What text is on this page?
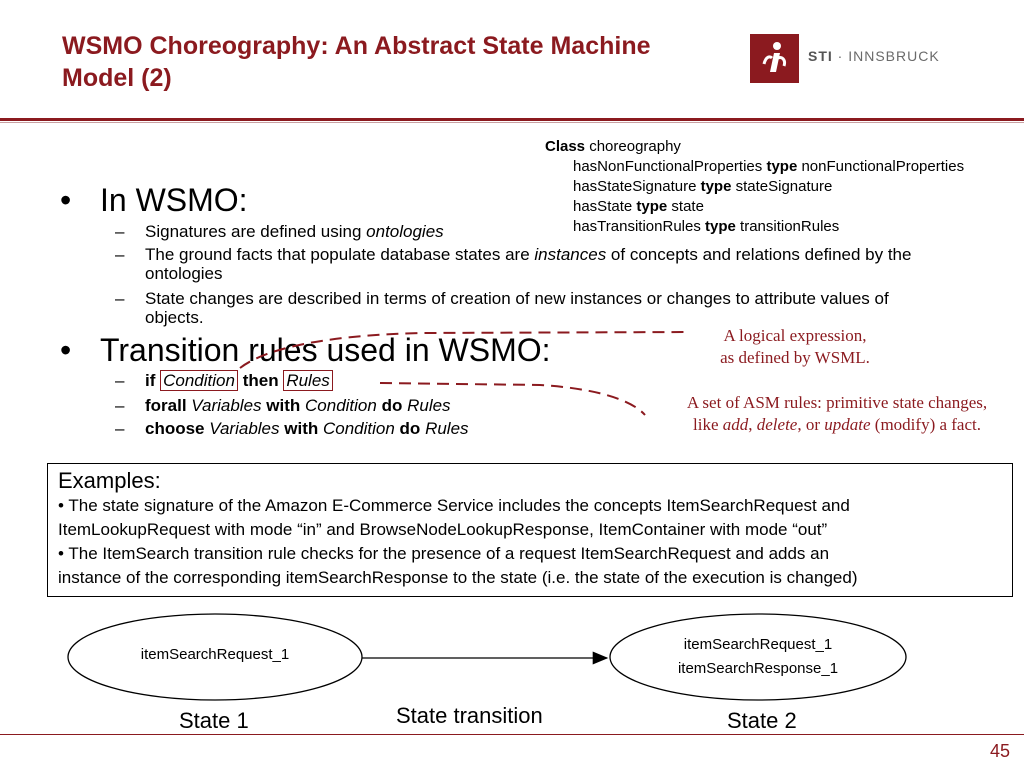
WSMO Choreography: An Abstract State Machine Model (2)
STI · INNSBRUCK
Class choreography
hasNonFunctionalProperties type nonFunctionalProperties
hasStateSignature type stateSignature
hasState type state
hasTransitionRules type transitionRules
• In WSMO:
– Signatures are defined using ontologies
– The ground facts that populate database states are instances of concepts and relations defined by the ontologies
– State changes are described in terms of creation of new instances or changes to attribute values of objects.
• Transition rules used in WSMO:
– if Condition then Rules
– forall Variables with Condition do Rules
– choose Variables with Condition do Rules
A logical expression,
as defined by WSML.
A set of ASM rules: primitive state changes,
like add, delete, or update (modify) a fact.
Examples:
• The state signature of the Amazon E-Commerce Service includes the concepts ItemSearchRequest and
ItemLookupRequest with mode “in” and BrowseNodeLookupResponse, ItemContainer with mode “out”
• The ItemSearch transition rule checks for the presence of a request ItemSearchRequest and adds an
instance of the corresponding itemSearchResponse to the state (i.e. the state of the execution is changed)
itemSearchRequest_1
itemSearchRequest_1
itemSearchResponse_1
State 1	State transition	State 2
45
